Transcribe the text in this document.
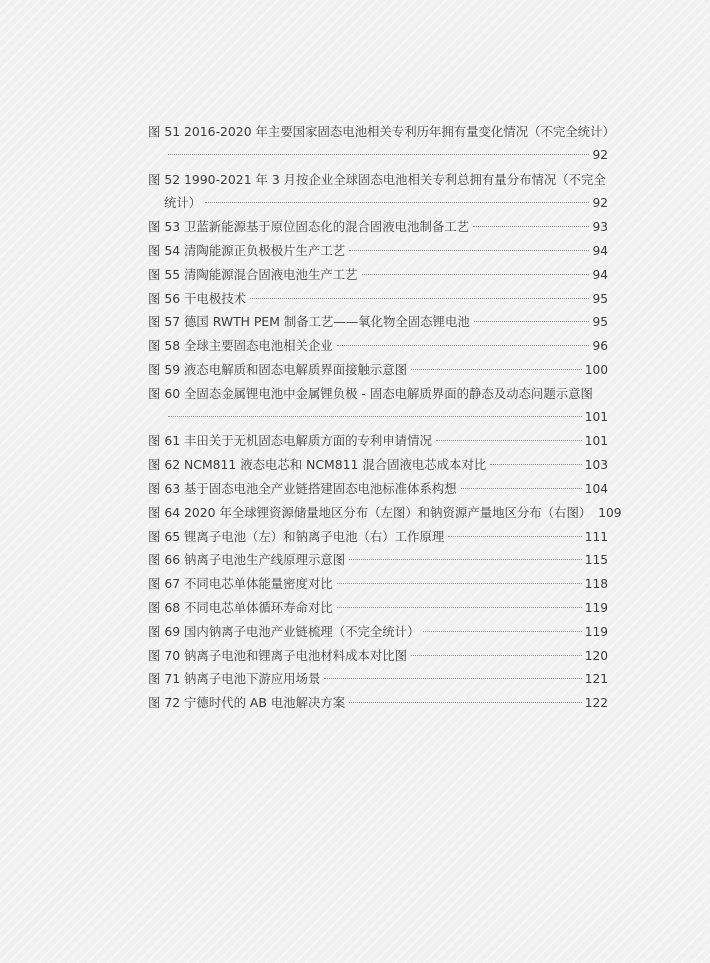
图 51 2016-2020 年主要国家固态电池相关专利历年拥有量变化情况（不完全统计）
92
图 52 1990-2021 年 3 月按企业全球固态电池相关专利总拥有量分布情况（不完全
统计）	92
图 53 卫蓝新能源基于原位固态化的混合固液电池制备工艺	93
图 54 清陶能源正负极极片生产工艺	94
图 55 清陶能源混合固液电池生产工艺	94
图 56 干电极技术	95
图 57 德国 RWTH PEM 制备工艺——氧化物全固态锂电池	95
图 58 全球主要固态电池相关企业	96
图 59 液态电解质和固态电解质界面接触示意图	100
图 60 全固态金属锂电池中金属锂负极 - 固态电解质界面的静态及动态问题示意图
101
图 61 丰田关于无机固态电解质方面的专利申请情况	101
图 62 NCM811 液态电芯和 NCM811 混合固液电芯成本对比	103
图 63 基于固态电池全产业链搭建固态电池标准体系构想	104
图 64 2020 年全球锂资源储量地区分布（左图）和钠资源产量地区分布（右图） 109
图 65 锂离子电池（左）和钠离子电池（右）工作原理	111
图 66 钠离子电池生产线原理示意图	115
图 67 不同电芯单体能量密度对比	118
图 68 不同电芯单体循环寿命对比	119
图 69 国内钠离子电池产业链梳理（不完全统计）	119
图 70 钠离子电池和锂离子电池材料成本对比图	120
图 71 钠离子电池下游应用场景	121
图 72 宁德时代的 AB 电池解决方案	122
